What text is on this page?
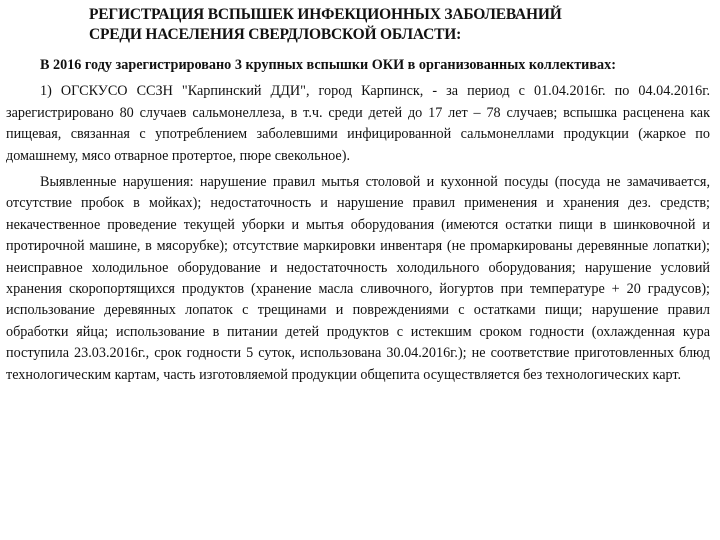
РЕГИСТРАЦИЯ ВСПЫШЕК ИНФЕКЦИОННЫХ ЗАБОЛЕВАНИЙ
СРЕДИ НАСЕЛЕНИЯ СВЕРДЛОВСКОЙ ОБЛАСТИ:

В 2016 году зарегистрировано 3 крупных вспышки ОКИ в организованных коллективах:

1) ОГСКУСО ССЗН "Карпинский ДДИ", город Карпинск, - за период с 01.04.2016г. по 04.04.2016г. зарегистрировано 80 случаев сальмонеллеза, в т.ч. среди детей до 17 лет – 78 случаев; вспышка расценена как пищевая, связанная с употреблением заболевшими инфицированной сальмонеллами продукции (жаркое по домашнему, мясо отварное протертое, пюре свекольное).

Выявленные нарушения: нарушение правил мытья столовой и кухонной посуды (посуда не замачивается, отсутствие пробок в мойках); недостаточность и нарушение правил применения и хранения дез. средств; некачественное проведение текущей уборки и мытья оборудования (имеются остатки пищи в шинковочной и протирочной машине, в мясорубке); отсутствие маркировки инвентаря (не промаркированы деревянные лопатки); неисправное холодильное оборудование и недостаточность холодильного оборудования; нарушение условий хранения скоропортящихся продуктов (хранение масла сливочного, йогуртов при температуре + 20 градусов); использование деревянных лопаток с трещинами и повреждениями с остатками пищи; нарушение правил обработки яйца; использование в питании детей продуктов с истекшим сроком годности (охлажденная кура поступила 23.03.2016г., срок годности 5 суток, использована 30.04.2016г.); не соответствие приготовленных блюд технологическим картам, часть изготовляемой продукции общепита осуществляется без технологических карт.
